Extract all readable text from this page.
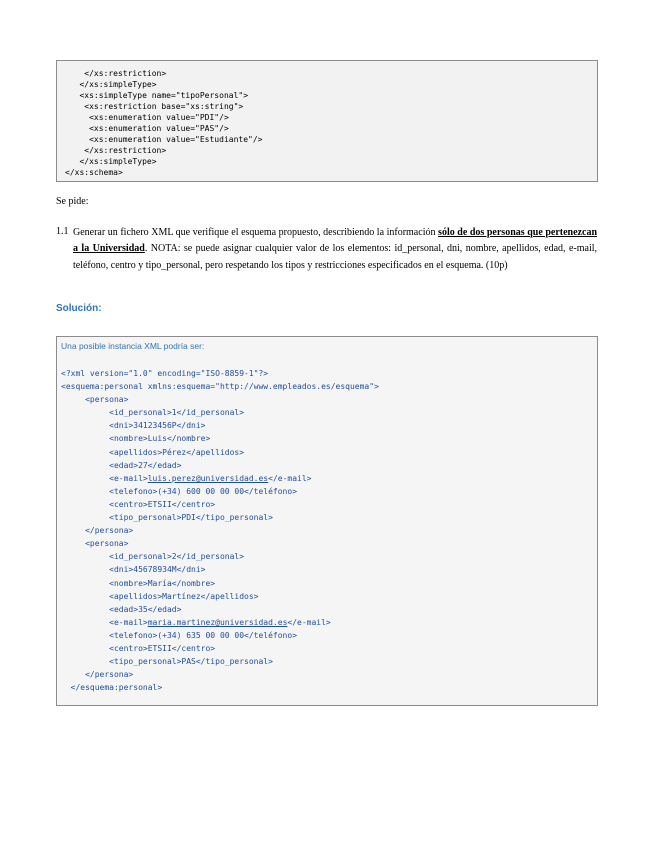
</xs:restriction>
</xs:simpleType>
<xs:simpleType name="tipoPersonal">
<xs:restriction base="xs:string">
<xs:enumeration value="PDI"/>
<xs:enumeration value="PAS"/>
<xs:enumeration value="Estudiante"/>
</xs:restriction>
</xs:simpleType>
</xs:schema>
Se pide:
1.1 Generar un fichero XML que verifique el esquema propuesto, describiendo la información sólo de dos personas que pertenezcan a la Universidad. NOTA: se puede asignar cualquier valor de los elementos: id_personal, dni, nombre, apellidos, edad, e-mail, teléfono, centro y tipo_personal, pero respetando los tipos y restricciones especificados en el esquema. (10p)

Solución:
Una posible instancia XML podría ser:
<?xml version="1.0" encoding="ISO-8859-1"?>
<esquema:personal xmlns:esquema="http://www.empleados.es/esquema">
<persona>
<id_personal>1</id_personal>
<dni>34123456P</dni>
<nombre>Luis</nombre>
<apellidos>Pérez</apellidos>
<edad>27</edad>
<e-mail>luis.perez@universidad.es</e-mail>
<telefono>(+34) 600 00 00 00</teléfono>
<centro>ETSII</centro>
<tipo_personal>PDI</tipo_personal>
</persona>
<persona>
<id_personal>2</id_personal>
<dni>45678934M</dni>
<nombre>María</nombre>
<apellidos>Martínez</apellidos>
<edad>35</edad>
<e-mail>maria.martinez@universidad.es</e-mail>
<telefono>(+34) 635 00 00 00</teléfono>
<centro>ETSII</centro>
<tipo_personal>PAS</tipo_personal>
</persona>
</esquema:personal>
